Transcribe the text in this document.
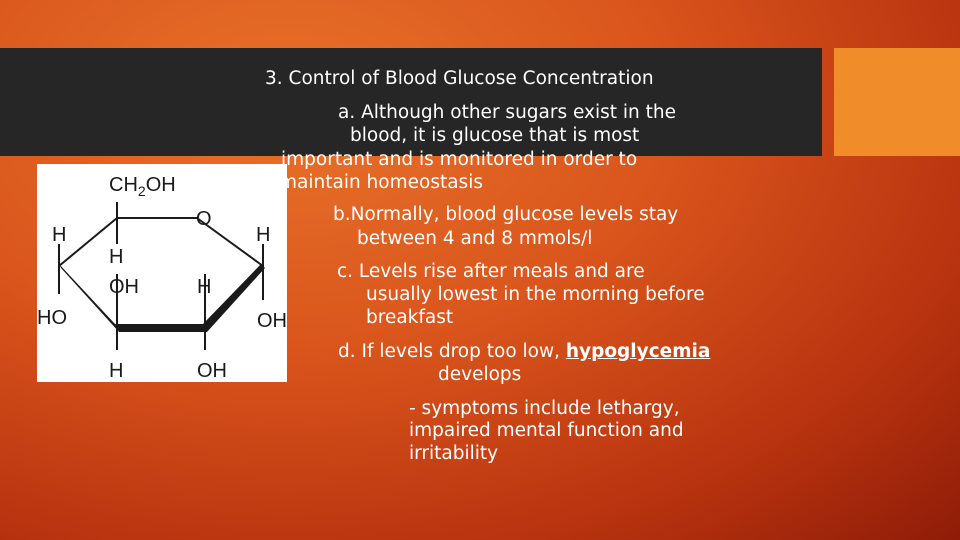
$CH_2OH$
O
H	H
H
OH	H
HO	OH
H	OH
3. Control of Blood Glucose Concentration
a. Although other sugars exist in the
blood, it is glucose that is most
important and is monitored in order to
maintain homeostasis
b.Normally, blood glucose levels stay
between 4 and 8 mmols/l
c. Levels rise after meals and are
usually lowest in the morning before
breakfast
d. If levels drop too low, hypoglycemia
develops
- symptoms include lethargy,
impaired mental function and
irritability
